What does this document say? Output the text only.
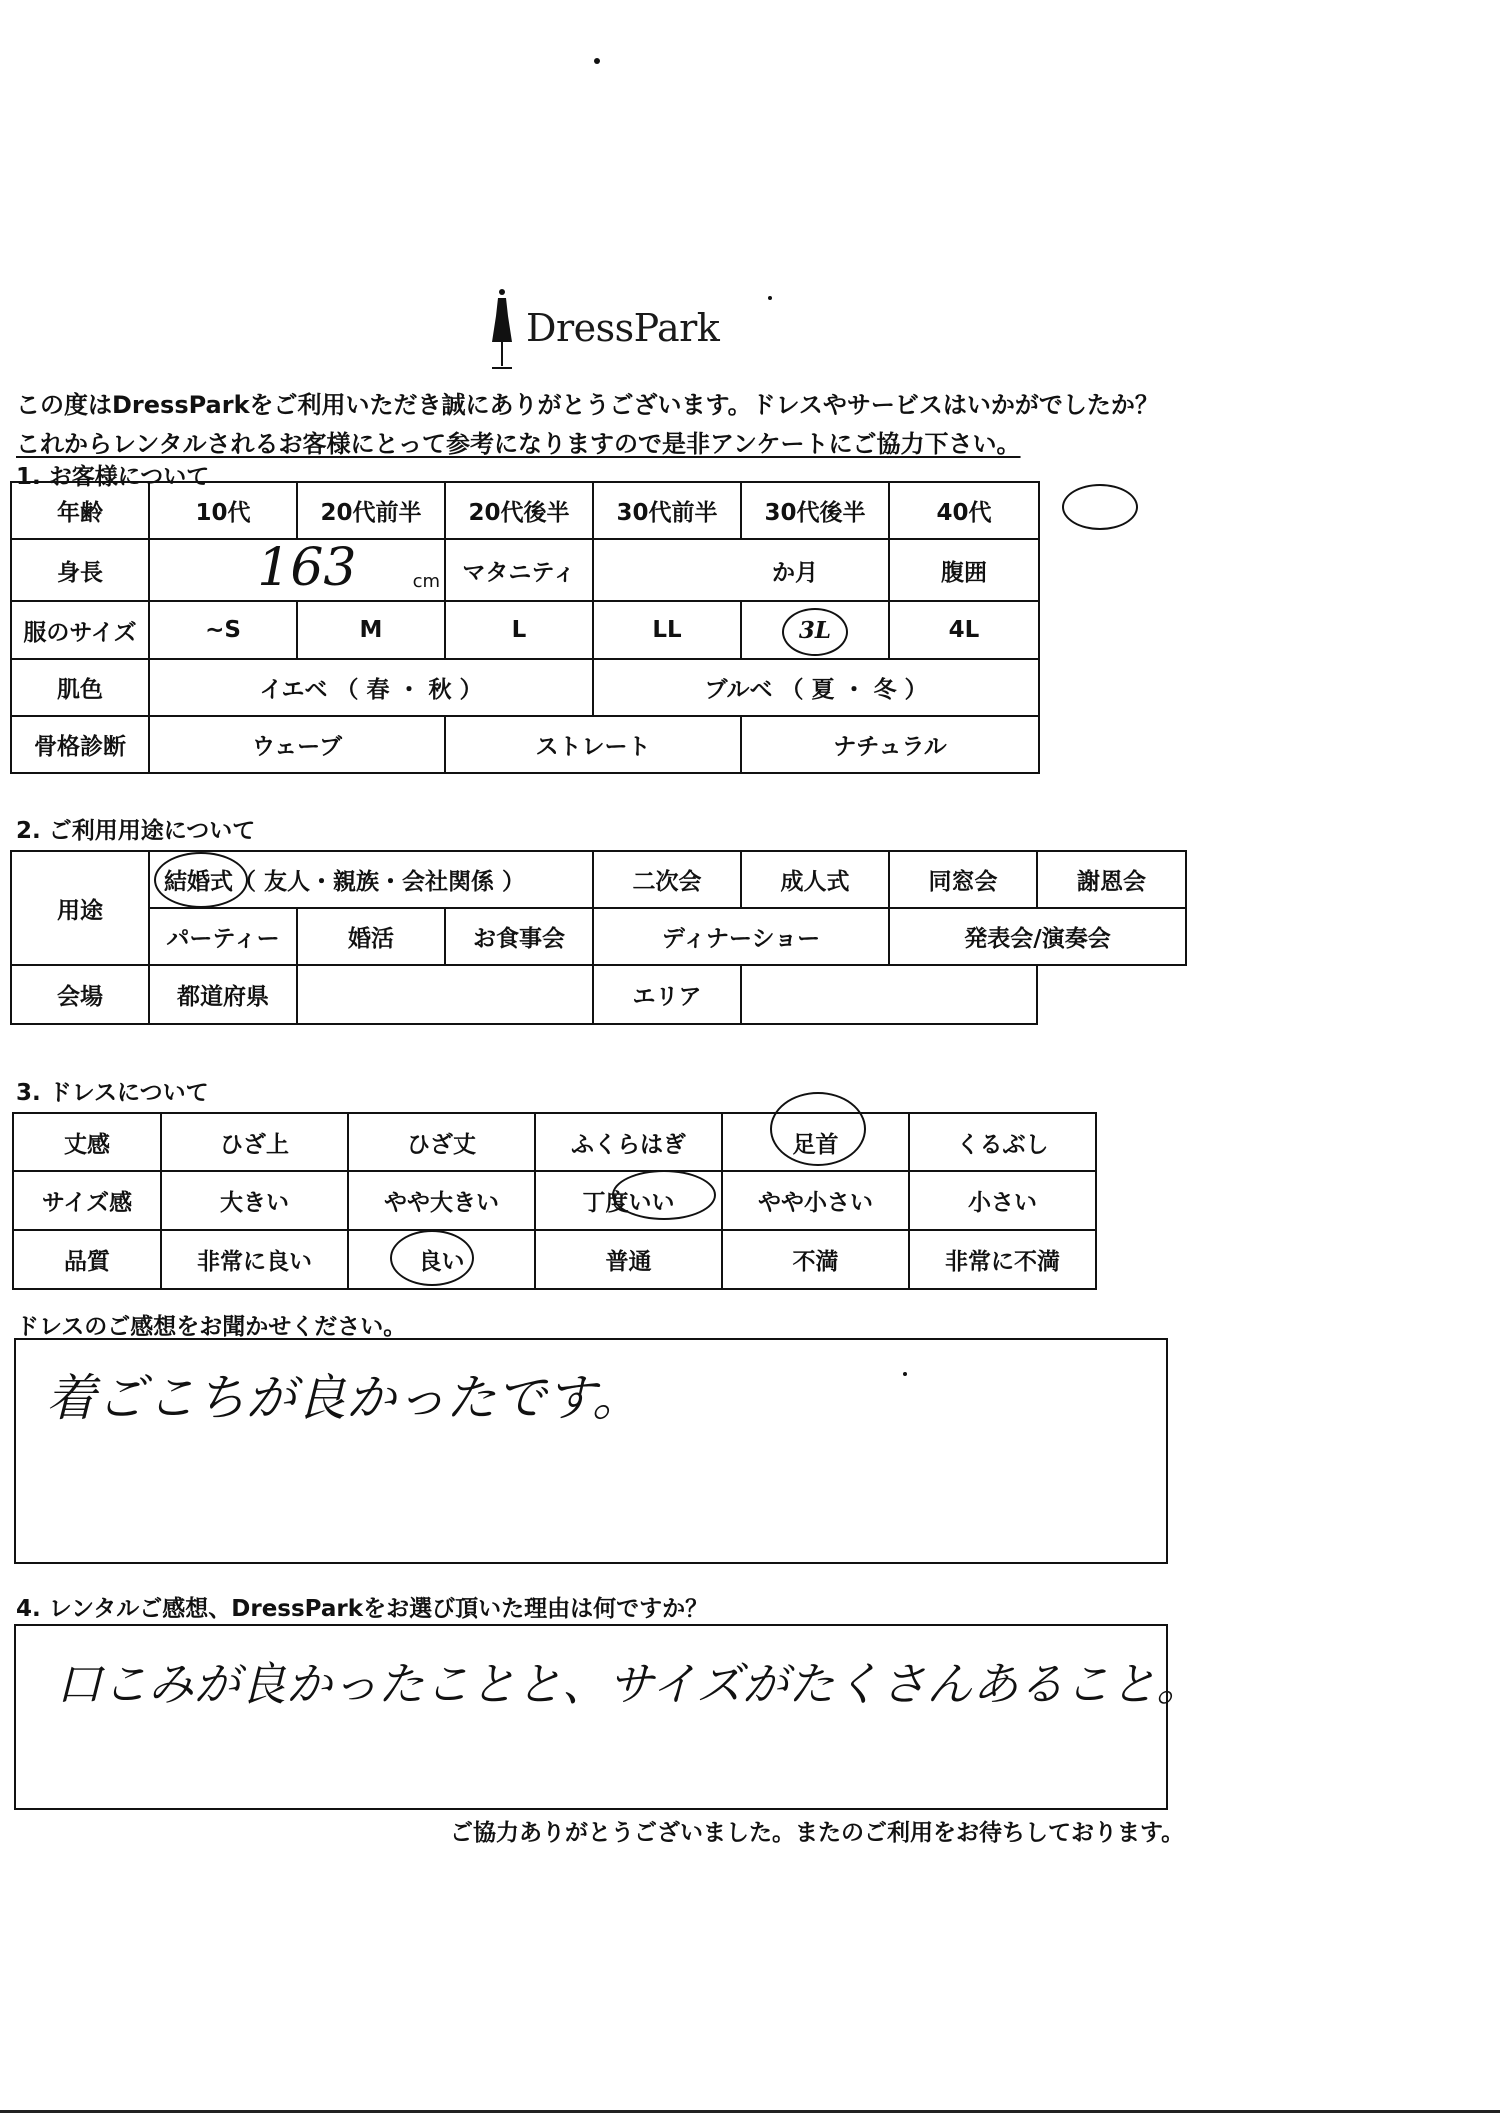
DressPark
この度はDressParkをご利用いただき誠にありがとうございます。ドレスやサービスはいかがでしたか？
これからレンタルされるお客様にとって参考になりますので是非アンケートにご協力下さい。
1. お客様について
年齢	10代	20代前半	20代後半	30代前半	30代後半	40代	
身長	163 cm		マタニティ	か月		腹囲	
服のサイズ	~S	M	L	LL	3L	4L	
肌色	イエベ （ 春 ・ 秋 ）			ブルベ （ 夏 ・ 冬 ）			
骨格診断	ウェーブ		ストレート		ナチュラル		
2. ご利用用途について
用途	結婚式（ 友人・親族・会社関係 ）			二次会	成人式	同窓会	謝恩会
	パーティー	婚活	お食事会	ディナーショー		発表会/演奏会	
会場	都道府県			エリア			
3. ドレスについて
丈感	ひざ上	ひざ丈	ふくらはぎ	足首	くるぶし
サイズ感	大きい	やや大きい	丁度いい	やや小さい	小さい
品質	非常に良い	良い	普通	不満	非常に不満
ドレスのご感想をお聞かせください。
着ごこちが良かったです。
4. レンタルご感想、DressParkをお選び頂いた理由は何ですか？
口こみが良かったことと、サイズがたくさんあること。
ご協力ありがとうございました。またのご利用をお待ちしております。
